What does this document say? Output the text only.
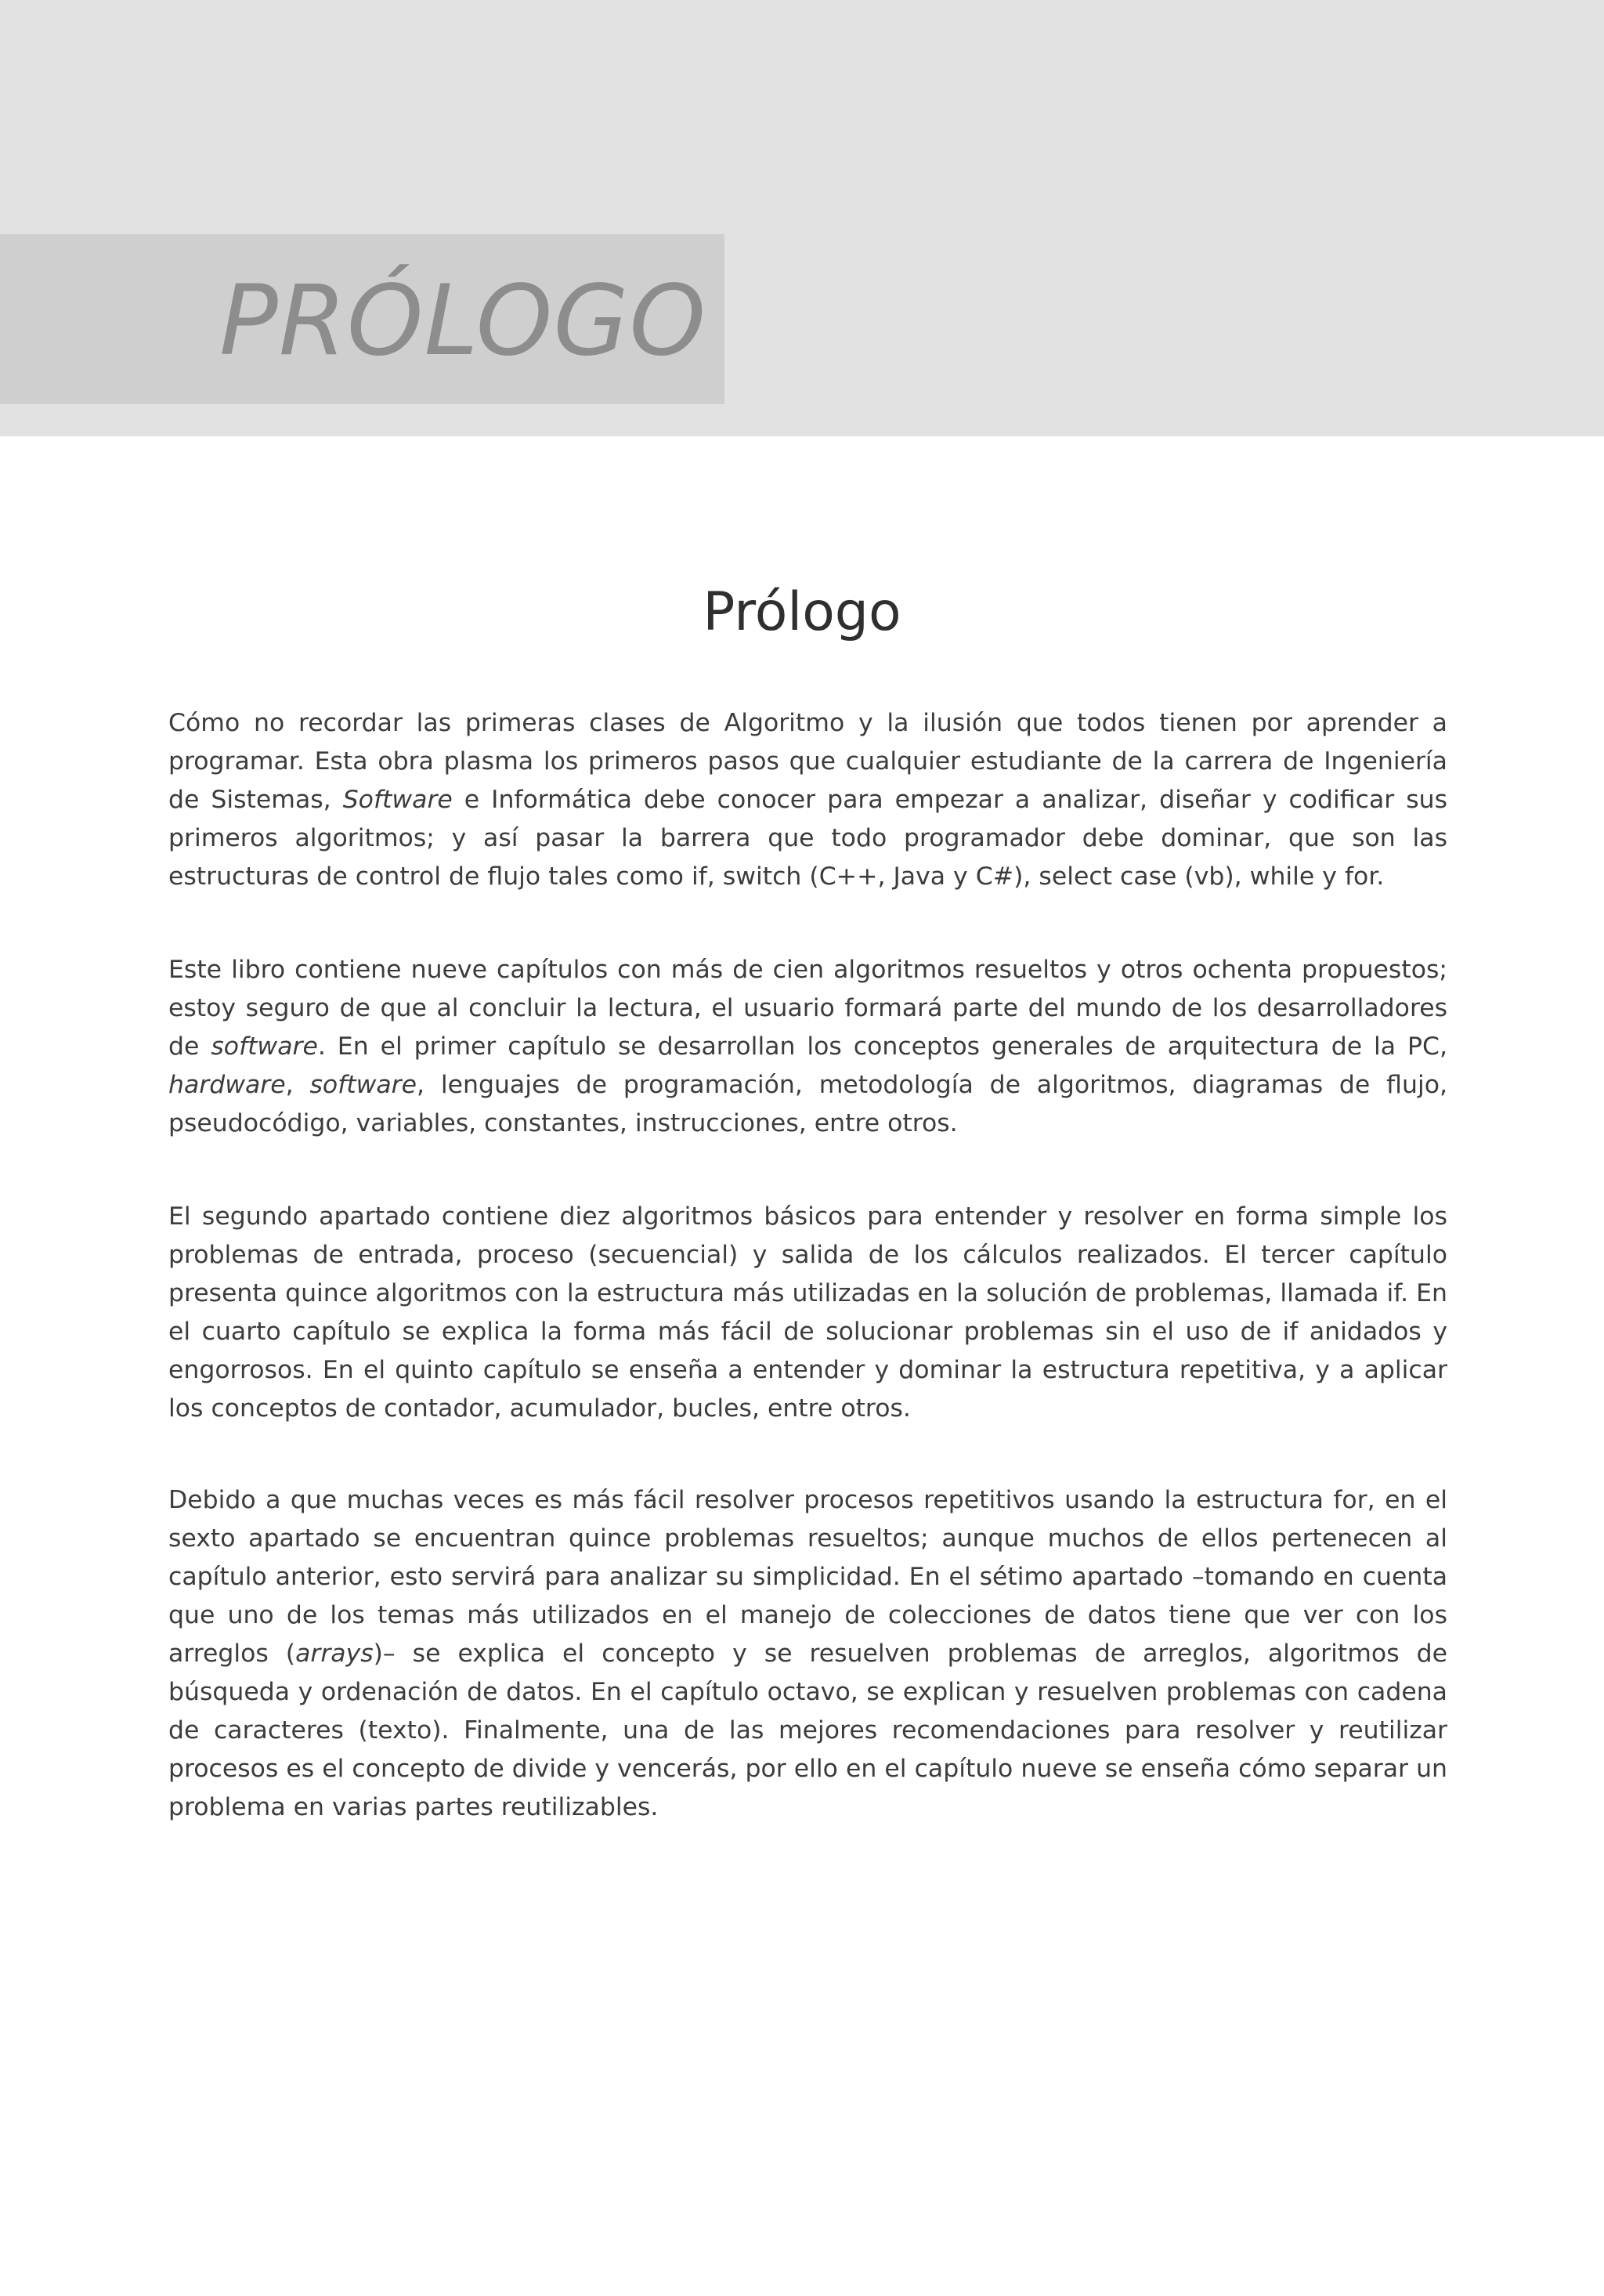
PRÓLOGO
Prólogo

Cómo no recordar las primeras clases de Algoritmo y la ilusión que todos tienen por aprender a programar. Esta obra plasma los primeros pasos que cualquier estudiante de la carrera de Ingeniería de Sistemas, Software e Informática debe conocer para empezar a analizar, diseñar y codificar sus primeros algoritmos; y así pasar la barrera que todo programador debe dominar, que son las estructuras de control de flujo tales como if, switch (C++, Java y C#), select case (vb), while y for.

Este libro contiene nueve capítulos con más de cien algoritmos resueltos y otros ochenta propuestos; estoy seguro de que al concluir la lectura, el usuario formará parte del mundo de los desarrolladores de software. En el primer capítulo se desarrollan los conceptos generales de arquitectura de la PC, hardware, software, lenguajes de programación, metodología de algoritmos, diagramas de flujo, pseudocódigo, variables, constantes, instrucciones, entre otros.

El segundo apartado contiene diez algoritmos básicos para entender y resolver en forma simple los problemas de entrada, proceso (secuencial) y salida de los cálculos realizados. El tercer capítulo presenta quince algoritmos con la estructura más utilizadas en la solución de problemas, llamada if. En el cuarto capítulo se explica la forma más fácil de solucionar problemas sin el uso de if anidados y engorrosos. En el quinto capítulo se enseña a entender y dominar la estructura repetitiva, y a aplicar los conceptos de contador, acumulador, bucles, entre otros.

Debido a que muchas veces es más fácil resolver procesos repetitivos usando la estructura for, en el sexto apartado se encuentran quince problemas resueltos; aunque muchos de ellos pertenecen al capítulo anterior, esto servirá para analizar su simplicidad. En el sétimo apartado –tomando en cuenta que uno de los temas más utilizados en el manejo de colecciones de datos tiene que ver con los arreglos (arrays)– se explica el concepto y se resuelven problemas de arreglos, algoritmos de búsqueda y ordenación de datos. En el capítulo octavo, se explican y resuelven problemas con cadena de caracteres (texto). Finalmente, una de las mejores recomendaciones para resolver y reutilizar procesos es el concepto de divide y vencerás, por ello en el capítulo nueve se enseña cómo separar un problema en varias partes reutilizables.
